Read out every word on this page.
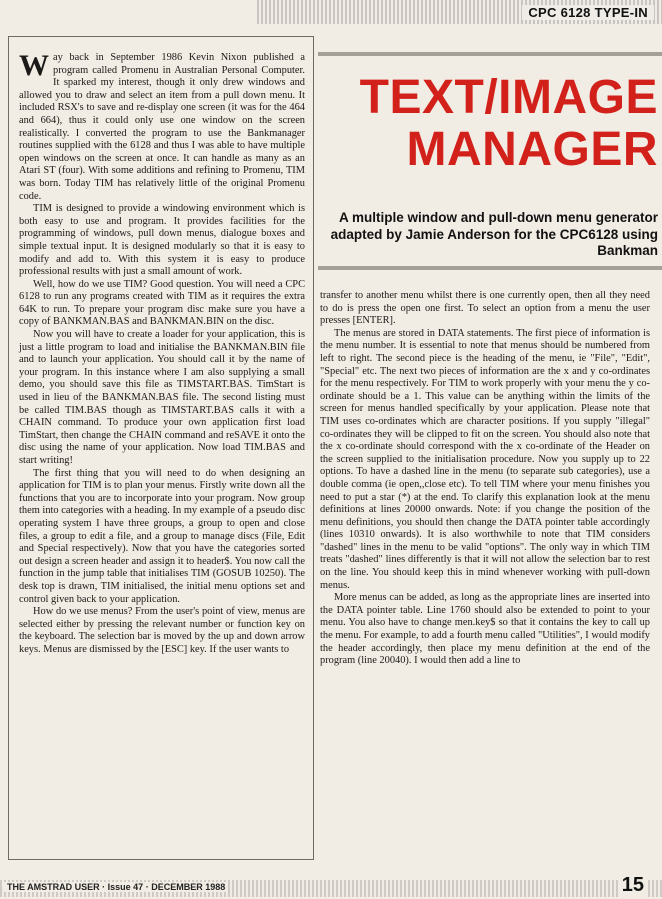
CPC 6128 TYPE-IN

Way back in September 1986 Kevin Nixon published a program called Promenu in Australian Personal Computer. It sparked my interest, though it only drew windows and allowed you to draw and select an item from a pull down menu. It included RSX's to save and re-display one screen (it was for the 464 and 664), thus it could only use one window on the screen realistically. I converted the program to use the Bankmanager routines supplied with the 6128 and thus I was able to have multiple open windows on the screen at once. It can handle as many as an Atari ST (four). With some additions and refining to Promenu, TIM was born. Today TIM has relatively little of the original Promenu code.

TIM is designed to provide a windowing environment which is both easy to use and program. It provides facilities for the programming of windows, pull down menus, dialogue boxes and simple textual input. It is designed modularly so that it is easy to modify and add to. With this system it is easy to produce professional results with just a small amount of work.

Well, how do we use TIM? Good question. You will need a CPC 6128 to run any programs created with TIM as it requires the extra 64K to run. To prepare your program disc make sure you have a copy of BANKMAN.BAS and BANKMAN.BIN on the disc.

Now you will have to create a loader for your application, this is just a little program to load and initialise the BANKMAN.BIN file and to launch your application. You should call it by the name of your program. In this instance where I am also supplying a small demo, you should save this file as TIMSTART.BAS. TimStart is used in lieu of the BANKMAN.BAS file. The second listing must be called TIM.BAS though as TIMSTART.BAS calls it with a CHAIN command. To produce your own application first load TimStart, then change the CHAIN command and reSAVE it onto the disc using the name of your application. Now load TIM.BAS and start writing!

The first thing that you will need to do when designing an application for TIM is to plan your menus. Firstly write down all the functions that you are to incorporate into your program. Now group them into categories with a heading. In my example of a pseudo disc operating system I have three groups, a group to open and close files, a group to edit a file, and a group to manage discs (File, Edit and Special respectively). Now that you have the categories sorted out design a screen header and assign it to header$. You now call the function in the jump table that initialises TIM (GOSUB 10250). The desk top is drawn, TIM initialised, the initial menu options set and control given back to your application.

How do we use menus? From the user's point of view, menus are selected either by pressing the relevant number or function key on the keyboard. The selection bar is moved by the up and down arrow keys. Menus are dismissed by the [ESC] key. If the user wants to

TEXT/IMAGE
MANAGER
A multiple window and pull-down menu generator adapted by Jamie Anderson for the CPC6128 using Bankman

transfer to another menu whilst there is one currently open, then all they need to do is press the open one first. To select an option from a menu the user presses [ENTER].

The menus are stored in DATA statements. The first piece of information is the menu number. It is essential to note that menus should be numbered from left to right. The second piece is the heading of the menu, ie "File", "Edit", "Special" etc. The next two pieces of information are the x and y co-ordinates for the menu respectively. For TIM to work properly with your menu the y co-ordinate should be a 1. This value can be anything within the limits of the screen for menus handled specifically by your application. Please note that TIM uses co-ordinates which are character positions. If you supply "illegal" co-ordinates they will be clipped to fit on the screen. You should also note that the x co-ordinate should correspond with the x co-ordinate of the Header on the screen supplied to the initialisation procedure. Now you supply up to 22 options. To have a dashed line in the menu (to separate sub categories), use a double comma (ie open,,close etc). To tell TIM where your menu finishes you need to put a star (*) at the end. To clarify this explanation look at the menu definitions at lines 20000 onwards. Note: if you change the position of the menu definitions, you should then change the DATA pointer table accordingly (lines 10310 onwards). It is also worthwhile to note that TIM considers "dashed" lines in the menu to be valid "options". The only way in which TIM treats "dashed" lines differently is that it will not allow the selection bar to rest on the line. You should keep this in mind whenever working with pull-down menus.

More menus can be added, as long as the appropriate lines are inserted into the DATA pointer table. Line 1760 should also be extended to point to your menu. You also have to change men.key$ so that it contains the key to call up the menu. For example, to add a fourth menu called "Utilities", I would modify the header accordingly, then place my menu definition at the end of the program (line 20040). I would then add a line to

THE AMSTRAD USER · Issue 47 · DECEMBER 1988	15
